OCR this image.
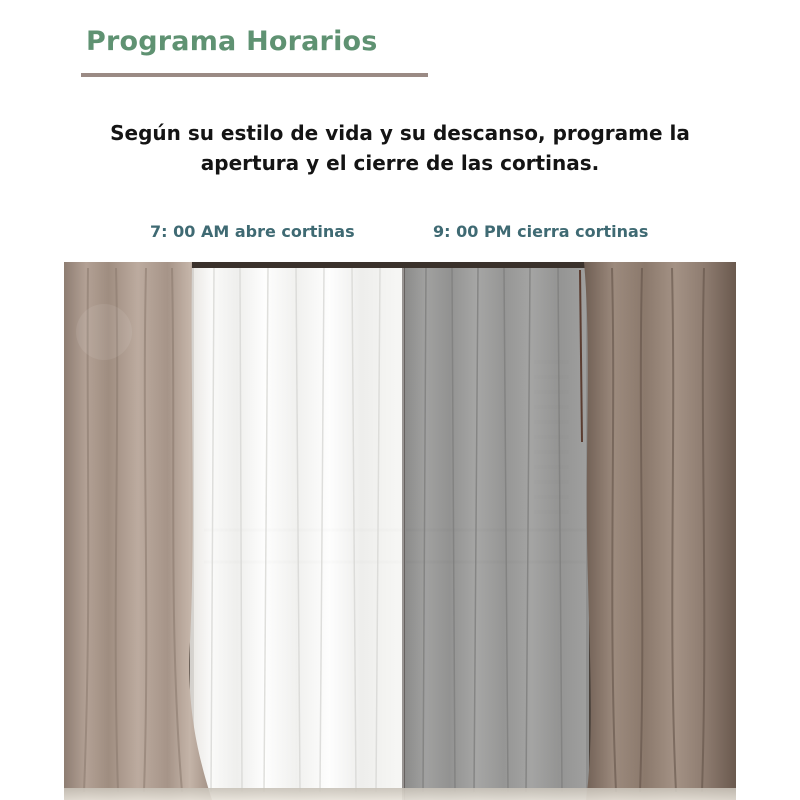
Programa Horarios
Según su estilo de vida y su descanso, programe la apertura y el cierre de las cortinas.
7: 00 AM abre cortinas	9: 00 PM cierra cortinas
